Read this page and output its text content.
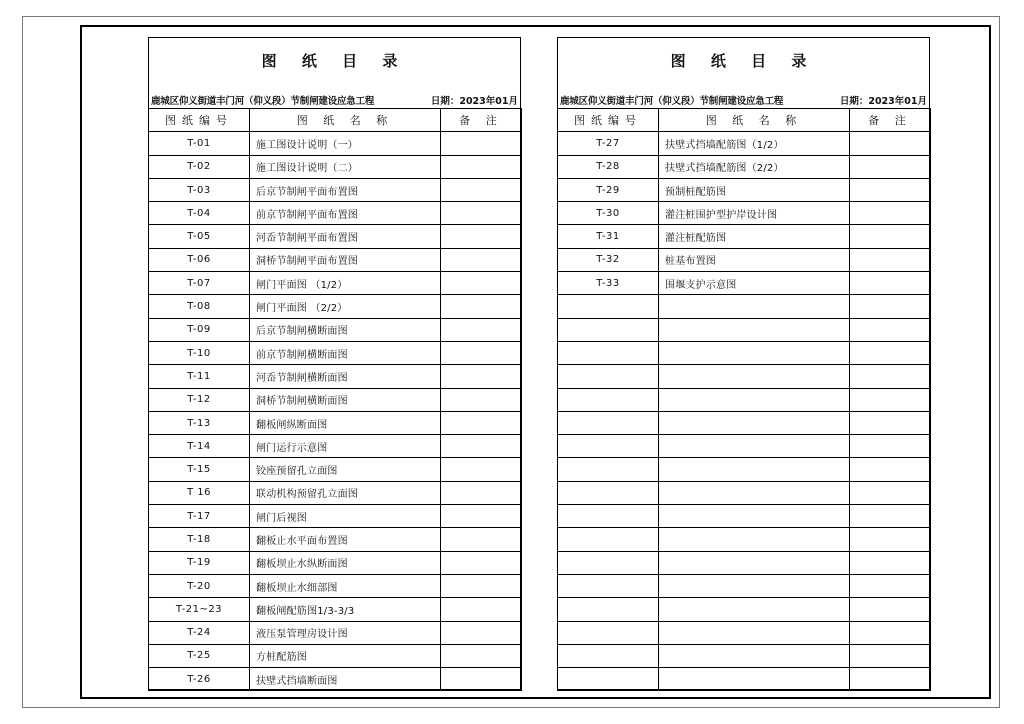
图 纸 目 录
鹿城区仰义街道丰门河（仰义段）节制闸建设应急工程	日期：2023年01月
图纸编号	图 纸 名 称	备 注
T-01	施工图设计说明（一）	
T-02	施工图设计说明（二）	
T-03	后京节制闸平面布置图	
T-04	前京节制闸平面布置图	
T-05	河岙节制闸平面布置图	
T-06	洞桥节制闸平面布置图	
T-07	闸门平面图 （1/2）	
T-08	闸门平面图 （2/2）	
T-09	后京节制闸横断面图	
T-10	前京节制闸横断面图	
T-11	河岙节制闸横断面图	
T-12	洞桥节制闸横断面图	
T-13	翻板闸纵断面图	
T-14	闸门运行示意图	
T-15	铰座预留孔立面图	
T 16	联动机构预留孔立面图	
T-17	闸门后视图	
T-18	翻板止水平面布置图	
T-19	翻板坝止水纵断面图	
T-20	翻板坝止水细部图	
T-21~23	翻板闸配筋图1/3-3/3	
T-24	液压泵管理房设计图	
T-25	方桩配筋图	
T-26	扶壁式挡墙断面图	
图 纸 目 录
鹿城区仰义街道丰门河（仰义段）节制闸建设应急工程	日期：2023年01月
图纸编号	图 纸 名 称	备 注
T-27	扶壁式挡墙配筋图（1/2）	
T-28	扶壁式挡墙配筋图（2/2）	
T-29	预制桩配筋图	
T-30	灌注桩围护型护岸设计图	
T-31	灌注桩配筋图	
T-32	桩基布置图	
T-33	围堰支护示意图	
